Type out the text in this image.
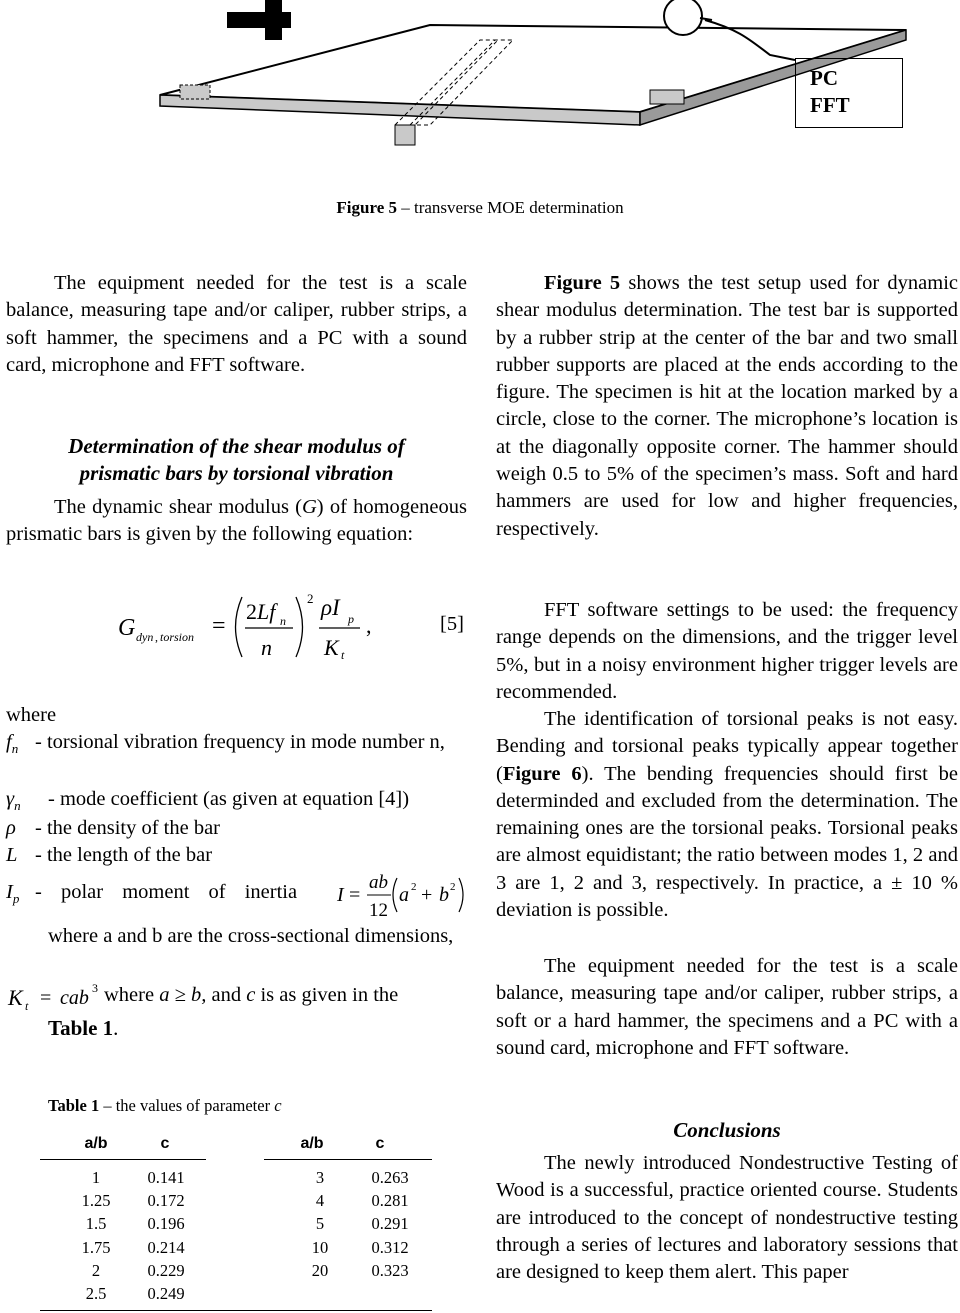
PC
FFT
Figure 5 – transverse MOE determination
The equipment needed for the test is a scale balance, measuring tape and/or caliper, rubber strips, a soft hammer, the specimens and a PC with a sound card, microphone and FFT software.
Determination of the shear modulus of
prismatic bars by torsional vibration
The dynamic shear modulus (G) of homogeneous prismatic bars is given by the following equation:
G dyn , torsion =
2 Lf n
n
2 ρI p
K t
,	[5]
where
$f_n$ - torsional vibration frequency in mode number n,
$\gamma_n$	- mode coefficient (as given at equation [4])
ρ - the density of the bar
L - the length of the bar
$I_p$ - polar moment of inertia	I =
ab
12
a 2 + b 2
where a and b are the cross-sectional dimensions,
K t = cab 3 where a ≥ b, and c is as given in the
Table 1.
Table 1 – the values of parameter c
a/b	c	a/b	c
1	0.141
1.25	0.172
1.5	0.196
1.75	0.214
2	0.229
2.5	0.249
3	0.263
4	0.281
5	0.291
10	0.312
20	0.323
Figure 5 shows the test setup used for dynamic shear modulus determination. The test bar is supported by a rubber strip at the center of the bar and two small rubber supports are placed at the ends according to the figure. The specimen is hit at the location marked by a circle, close to the corner. The microphone’s location is at the diagonally opposite corner. The hammer should weigh 0.5 to 5% of the specimen’s mass. Soft and hard hammers are used for low and higher frequencies, respectively.
FFT software settings to be used: the frequency range depends on the dimensions, and the trigger level 5%, but in a noisy environment higher trigger levels are recommended.
The identification of torsional peaks is not easy. Bending and torsional peaks typically appear together (Figure 6). The bending frequencies should first be determinded and excluded from the determination. The remaining ones are the torsional peaks. Torsional peaks are almost equidistant; the ratio between modes 1, 2 and 3 are 1, 2 and 3, respectively. In practice, a ± 10 % deviation is possible.
The equipment needed for the test is a scale balance, measuring tape and/or caliper, rubber strips, a soft or a hard hammer, the specimens and a PC with a sound card, microphone and FFT software.
Conclusions
The newly introduced Nondestructive Testing of Wood is a successful, practice oriented course. Students are introduced to the concept of nondestructive testing through a series of lectures and laboratory sessions that are designed to keep them alert. This paper
